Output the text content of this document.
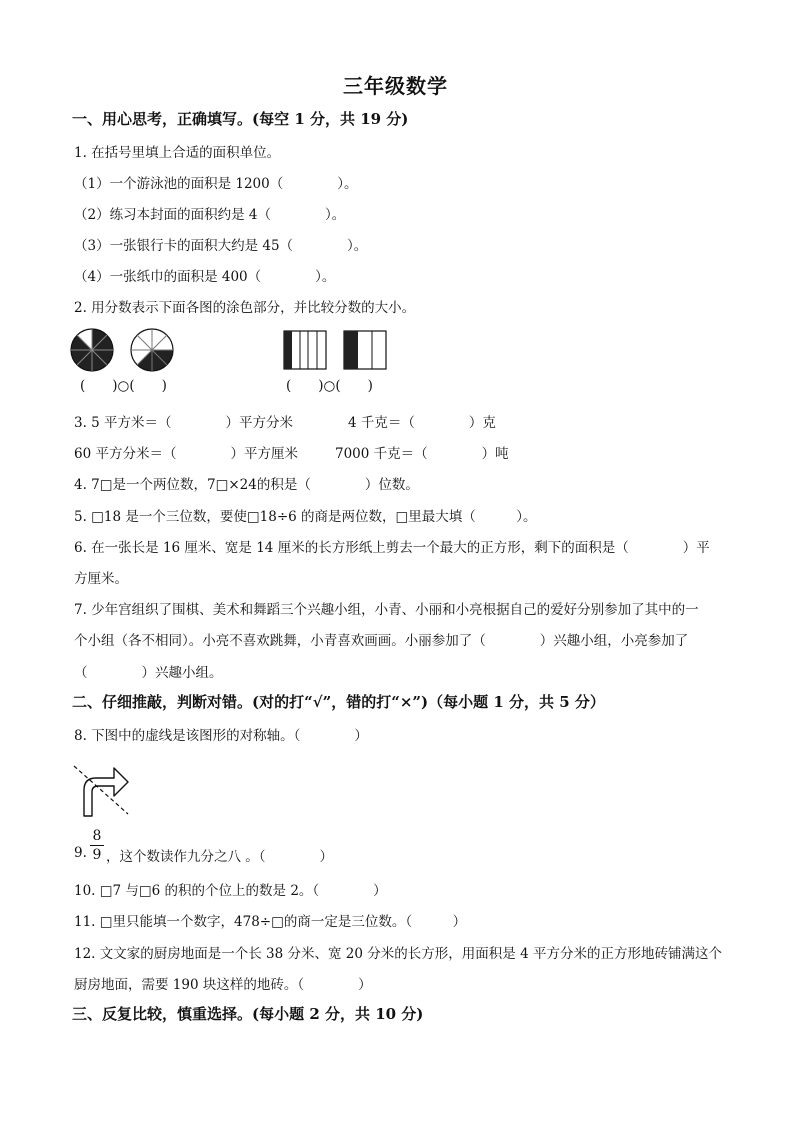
三年级数学
一、用心思考，正确填写。(每空 1 分，共 19 分)
1. 在括号里填上合适的面积单位。
（1）一个游泳池的面积是 1200（　　　　）。
（2）练习本封面的面积约是 4（　　　　）。
（3）一张银行卡的面积大约是 45（　　　　）。
（4）一张纸巾的面积是 400（　　　　）。
2. 用分数表示下面各图的涂色部分，并比较分数的大小。
(　　)○(　　)	(　　)○(　　)
3. 5 平方米＝（　　　　）平方分米	4 千克＝（　　　　）克
60 平方分米＝（　　　　）平方厘米	7000 千克＝（　　　　）吨
4. 7□是一个两位数，7□×24的积是（　　　　）位数。
5. □18 是一个三位数，要使□18÷6 的商是两位数，□里最大填（　　　）。
6. 在一张长是 16 厘米、宽是 14 厘米的长方形纸上剪去一个最大的正方形，剩下的面积是（　　　　）平
方厘米。
7. 少年宫组织了围棋、美术和舞蹈三个兴趣小组，小青、小丽和小亮根据自己的爱好分别参加了其中的一
个小组（各不相同）。小亮不喜欢跳舞，小青喜欢画画。小丽参加了（　　　　）兴趣小组，小亮参加了
（　　　　）兴趣小组。
二、仔细推敲，判断对错。(对的打“√”，错的打“×”)（每小题 1 分，共 5 分）
8. 下图中的虚线是该图形的对称轴。（　　　　）
9.
8
9 ，这个数读作九分之八 。（　　　　）
10. □7 与□6 的积的个位上的数是 2。（　　　　）
11. □里只能填一个数字，478÷□的商一定是三位数。（　　　）
12. 文文家的厨房地面是一个长 38 分米、宽 20 分米的长方形，用面积是 4 平方分米的正方形地砖铺满这个
厨房地面，需要 190 块这样的地砖。（　　　　）
三、反复比较，慎重选择。(每小题 2 分，共 10 分)
